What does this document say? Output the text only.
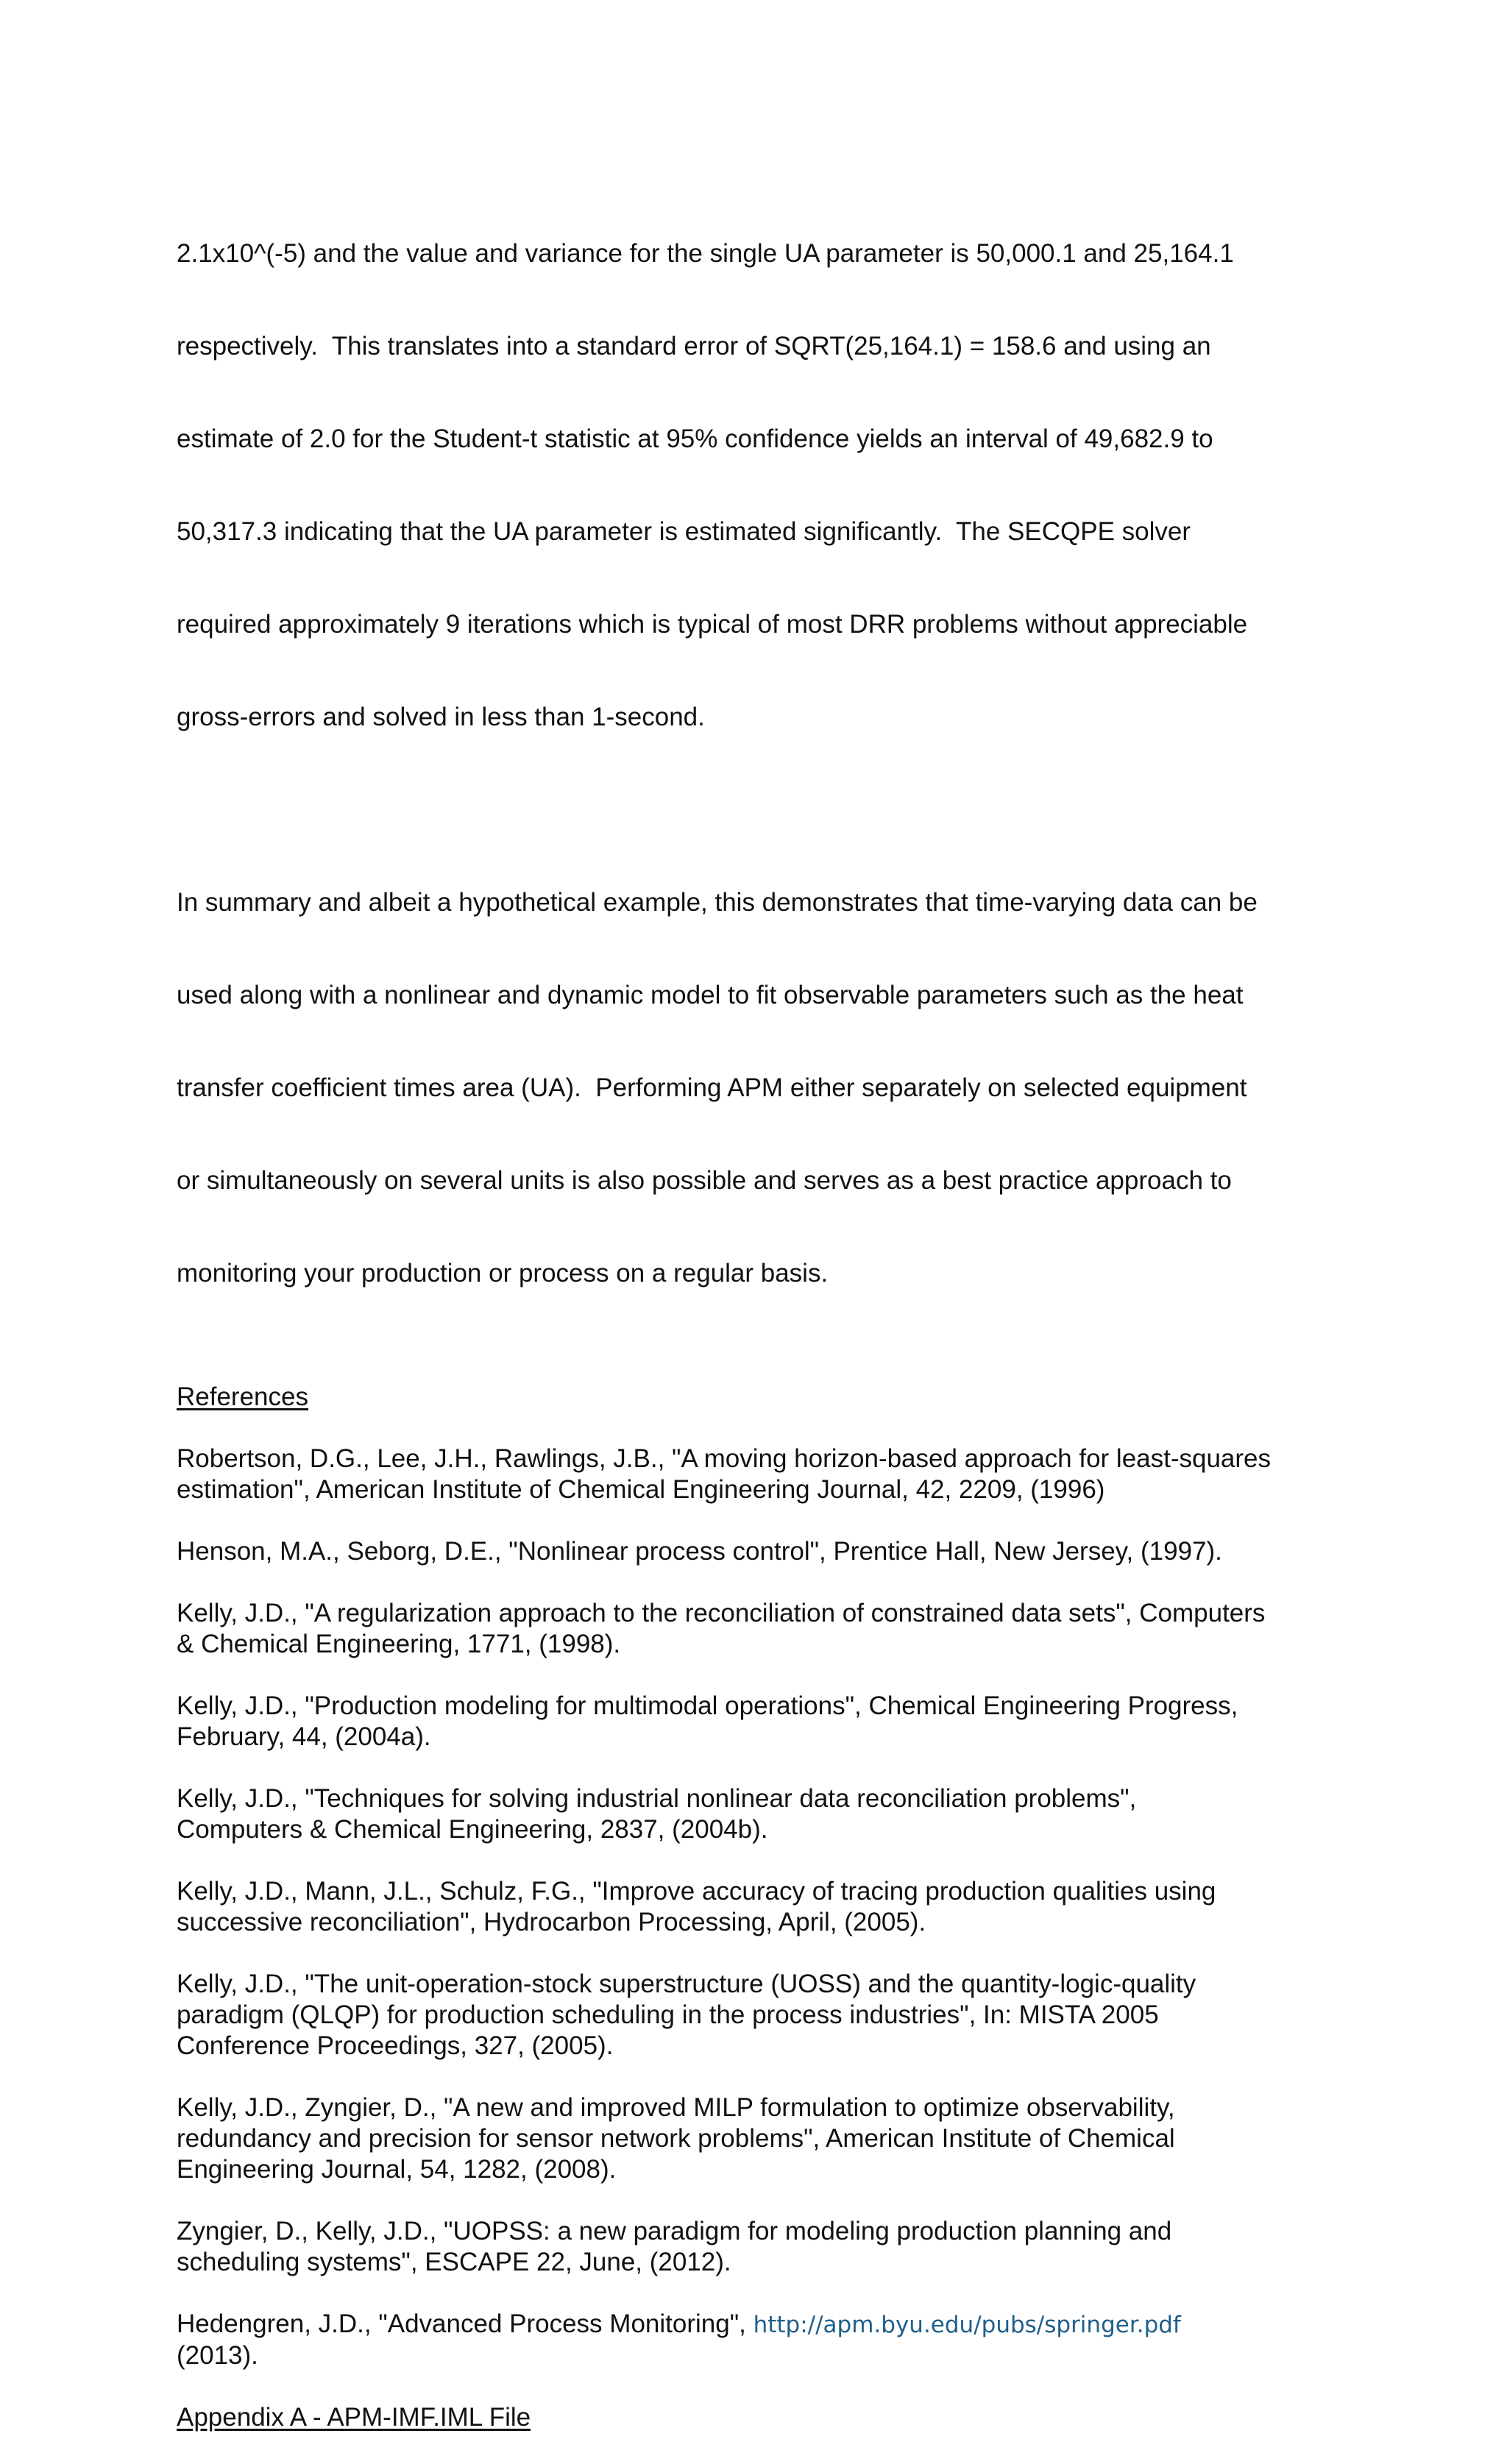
2.1x10^(-5) and the value and variance for the single UA parameter is 50,000.1 and 25,164.1

respectively.  This translates into a standard error of SQRT(25,164.1) = 158.6 and using an

estimate of 2.0 for the Student-t statistic at 95% confidence yields an interval of 49,682.9 to

50,317.3 indicating that the UA parameter is estimated significantly.  The SECQPE solver

required approximately 9 iterations which is typical of most DRR problems without appreciable

gross-errors and solved in less than 1-second.

In summary and albeit a hypothetical example, this demonstrates that time-varying data can be

used along with a nonlinear and dynamic model to fit observable parameters such as the heat

transfer coefficient times area (UA).  Performing APM either separately on selected equipment

or simultaneously on several units is also possible and serves as a best practice approach to

monitoring your production or process on a regular basis.

References
Robertson, D.G., Lee, J.H., Rawlings, J.B., "A moving horizon-based approach for least-squares
estimation", American Institute of Chemical Engineering Journal, 42, 2209, (1996)
Henson, M.A., Seborg, D.E., "Nonlinear process control", Prentice Hall, New Jersey, (1997).
Kelly, J.D., "A regularization approach to the reconciliation of constrained data sets", Computers
& Chemical Engineering, 1771, (1998).
Kelly, J.D., "Production modeling for multimodal operations", Chemical Engineering Progress,
February, 44, (2004a).
Kelly, J.D., "Techniques for solving industrial nonlinear data reconciliation problems",
Computers & Chemical Engineering, 2837, (2004b).
Kelly, J.D., Mann, J.L., Schulz, F.G., "Improve accuracy of tracing production qualities using
successive reconciliation", Hydrocarbon Processing, April, (2005).
Kelly, J.D., "The unit-operation-stock superstructure (UOSS) and the quantity-logic-quality
paradigm (QLQP) for production scheduling in the process industries", In: MISTA 2005
Conference Proceedings, 327, (2005).
Kelly, J.D., Zyngier, D., "A new and improved MILP formulation to optimize observability,
redundancy and precision for sensor network problems", American Institute of Chemical
Engineering Journal, 54, 1282, (2008).
Zyngier, D., Kelly, J.D., "UOPSS: a new paradigm for modeling production planning and
scheduling systems", ESCAPE 22, June, (2012).
Hedengren, J.D., "Advanced Process Monitoring", http://apm.byu.edu/pubs/springer.pdf
(2013).
Appendix A - APM-IMF.IML File
